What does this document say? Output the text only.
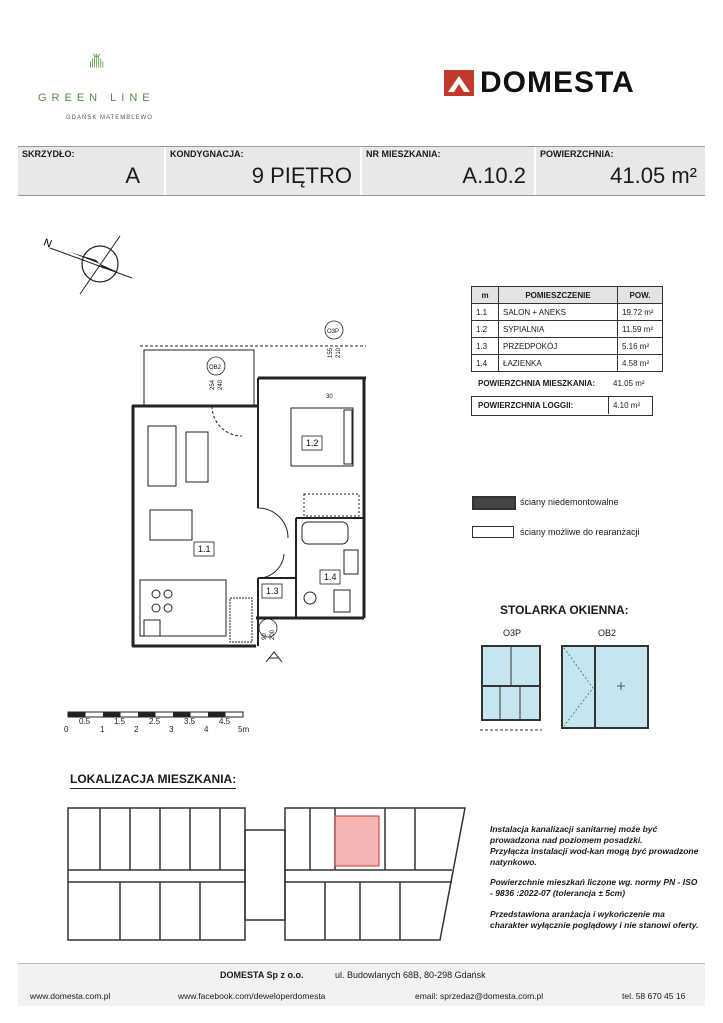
GREEN LINE
GDAŃSK MATEMBLEWO
DOMESTA
SKRZYDŁO:
A
KONDYGNACJA:
9 PIĘTRO
NR MIESZKANIA:
A.10.2
POWIERZCHNIA:
41.05 m²
N
1.1
1.2
1.3
1.4
OB2
O3P
254 240
155 210
30
90 200
m	POMIESZCZENIE	POW.
1.1	SALON + ANEKS	19.72 m²
1.2	SYPIALNIA	11.59 m²
1.3	PRZEDPOKÓJ	5.16 m²
1.4	ŁAZIENKA	4.58 m²
POWIERZCHNIA MIESZKANIA: 41.05 m²
POWIERZCHNIA LOGGII:	4.10 m²
ściany niedemontowalne
ściany możliwe do rearanżacji
STOLARKA OKIENNA:
O3P	OB2
0
0.5
1
1.5
2
2.5
3
3.5
4
4.5
5m
LOKALIZACJA MIESZKANIA:
Instalacja kanalizacji sanitarnej może być prowadzona nad poziomem posadzki.
Przyłącza instalacji wod-kan mogą być prowadzone natynkowo.
Powierzchnie mieszkań liczone wg. normy PN - ISO - 9836 :2022-07 (tolerancja ± 5cm)
Przedstawiona aranżacja i wykończenie ma charakter wyłącznie poglądowy i nie stanowi oferty.
DOMESTA Sp z o.o.	ul. Budowlanych 68B, 80-298 Gdańsk
www.domesta.com.pl	www.facebook.com/deweloperdomesta	email: sprzedaz@domesta.com.pl	tel. 58 670 45 16
